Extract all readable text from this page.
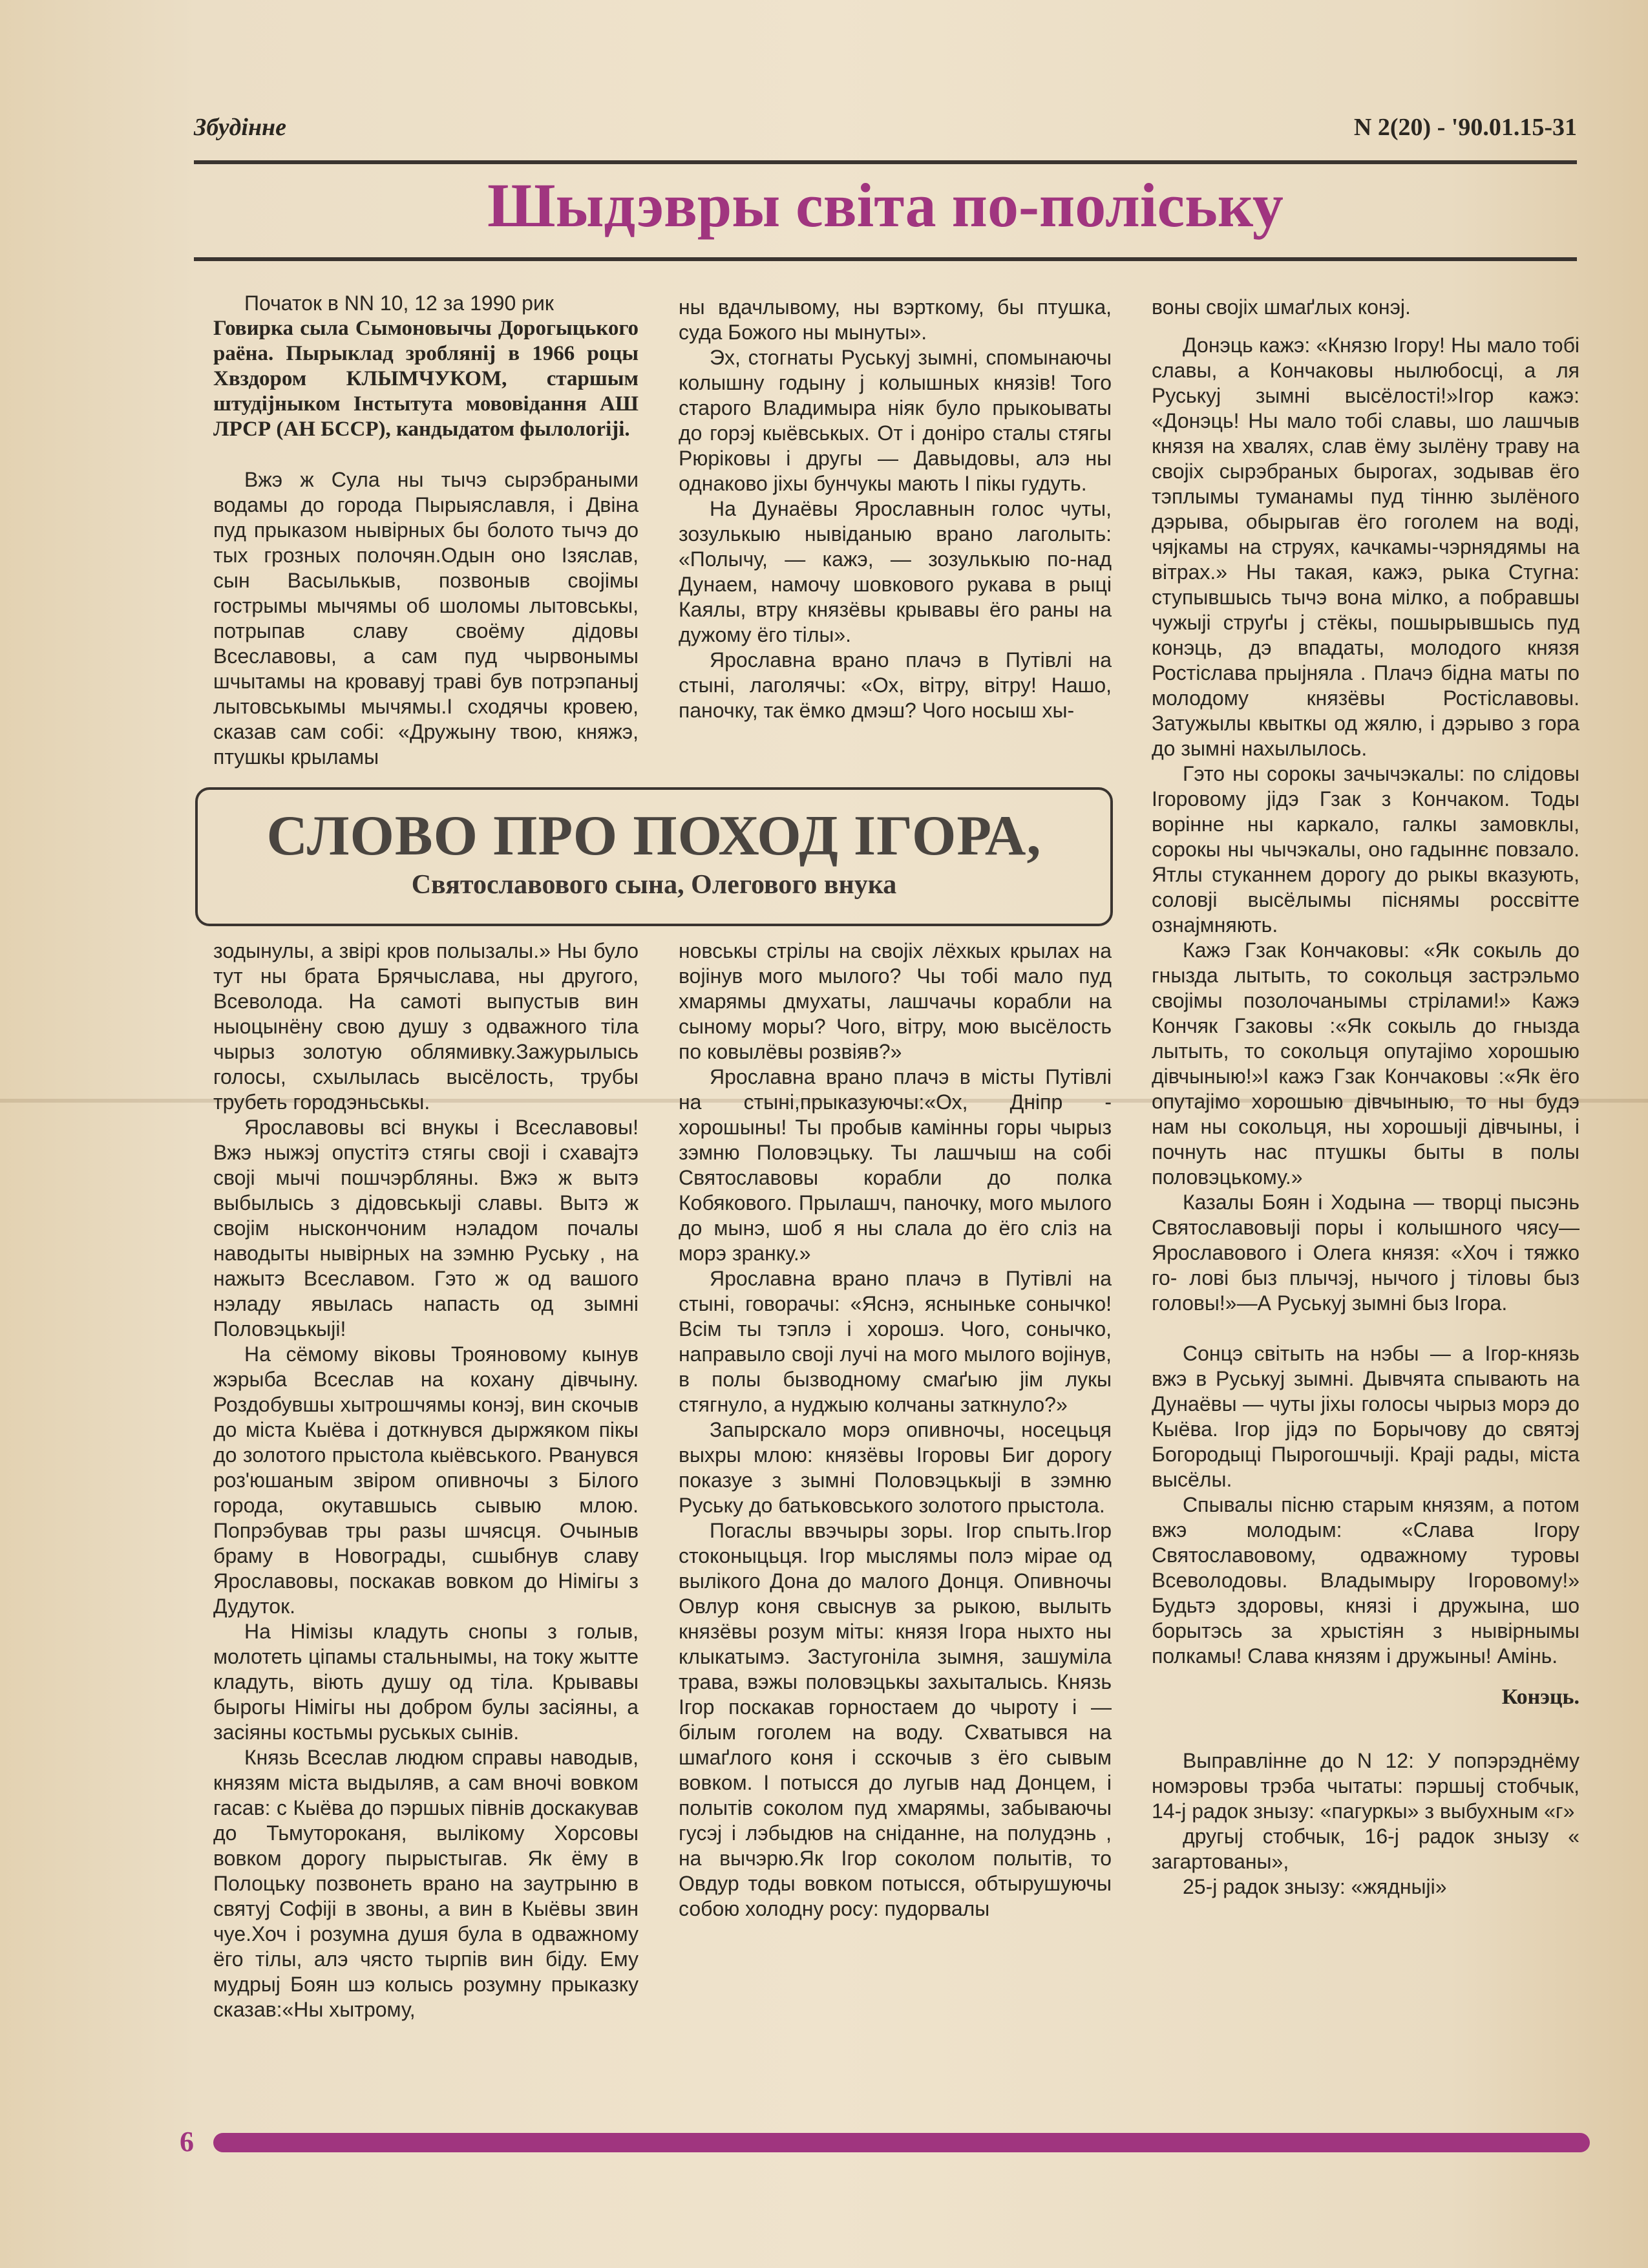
Збудінне	N 2(20) - '90.01.15-31
Шыдэвры світа по-поліську

Початок в NN 10, 12 за 1990 рик

Говирка сыла Сымоновычы Дорогыцького раёна. Пырыклад зроблянij в 1966 роцы Хвздором КЛЫМЧУКОМ, старшым штудіjныком Інстытута мововідання АШ ЛРСР (АН БССР), кандыдатом фылолоrijі.

Вжэ ж Сула ны тычэ сырэбраными водамы до города Пырыяславля, і Двіна пуд прыказом нывірных бы болото тычэ до тых грозных полочян.Одын оно Ізяслав, сын Васылькыв, позвоныв своjімы гострымы мычямы об шоломы лытовськы, потрыпав славу своёму дідовы Всеславовы, а сам пуд чырвонымы шчытамы на кровавуj траві був потрэпаныj лытовськымы мычямы.І сходячы кровею, сказав сам собі: «Дружыну твою, княжэ, птушкы крыламы

ны вдачлывому, ны вэрткому, бы птушка, суда Божого ны мынуты».

Эх, стогнаты Руськуj зымні, спомынаючы колышну годыну j колышных князів! Того старого Владимыра ніяк було прыкоываты до горэj кыёвськых. От і доніро сталы стягы Рюріковы і другы — Давыдовы, алэ ны однаково jіхы бунчукы мають І пікы гудуть.

На Дунаёвы Ярославнын голос чуты, зозулькыю нывіданыю врано лаголыть: «Полычу, — кажэ, — зозулькыю по-над Дунаем, намочу шовкового рукава в рыці Каялы, втру князёвы крывавы ёго раны на дужому ёго тілы».

Ярославна врано плачэ в Путівлі на стыні, лаголячы: «Ох, вітру, вітру! Нашо, паночку, так ёмко дмэш? Чого носыш хы-

воны своjіх шмаґлых конэj.

Донэць кажэ: «Князю Ігору! Ны мало тобі славы, а Кончаковы нылюбосці, а ля Руськуj зымні высёлості!»Ігор кажэ: «Донэць! Ны мало тобі славы, шо лашчыв князя на хвалях, слав ёму зылёну траву на своjіх сырэбраных бырогах, зодывав ёго тэплымы туманамы пуд тінню зылёного дэрыва, обырыгав ёго гоголем на воді, чяjкамы на струях, качкамы-чэрнядямы на вітрах.» Ны такая, кажэ, рыка Стугна: ступывшысь тычэ вона мілко, а побравшы чужыjі струґы j стёкы, пошырывшысь пуд конэць, дэ впадаты, молодого князя Ростіслава прыjняла . Плачэ бідна маты по молодому князёвы Ростіславовы. Затужылы квыткы од жялю, і дэрыво з гора до зымні нахылылось.

Гэто ны сорокы зачычэкалы: по слідовы Ігоровому jідэ Гзак з Кончаком. Тоды ворінне ны каркало, галкы замовклы, сорокы ны чычэкалы, оно гадыннє повзало. Ятлы стуканнем дорогу до рыкы вказують, соловjі высёлымы піснямы россвітте ознаjмняють.

Кажэ Гзак Кончаковы: «Як сокыль до гнызда лытыть, то сокольця застрэльмо своjімы позолочанымы стрілами!» Кажэ Кончяк Гзаковы :«Як сокыль до гнызда лытыть, то сокольця опутаjімо хорошыю дівчыныю!»І кажэ Гзак Кончаковы :«Як ёго опутаjімо хорошыю дівчыныю, то ны будэ нам ны сокольця, ны хорошыjі дівчыны, і почнуть нас птушкы быты в полы половэцькому.»

Казалы Боян і Ходына — творці пысэнь Святославовыjі поры і колышного чясу— Ярославового і Олега князя: «Хоч і тяжко го- лові быз плычэj, нычого j тіловы быз головы!»—А Руськуj зымні быз Ігора.

Сонцэ світыть на нэбы — а Ігор-князь вжэ в Руськуj зымні. Дывчята спывають на Дунаёвы — чуты jіхы голосы чырыз морэ до Кыёва. Ігор jідэ по Борычову до святэj Богородыці Пырогошчыjі. Краjі рады, міста высёлы.

Спывалы пісню старым князям, а потом вжэ молодым: «Слава Ігору Святославовому, одважному туровы Всеволодовы. Владымыру Ігоровому!» Будьтэ здоровы, князі і дружына, шо борытэсь за хрыстіян з нывірнымы полкамы! Слава князям і дружыны! Амінь.

Конэць.

Выправлінне до N 12: У попэрэднёму номэровы трэба чытаты: пэршыj стобчык, 14-j радок знызу: «пагуркы» з выбухным «г»

другыj стобчык, 16-j радок знызу « загартованы»,

25-j радок знызу: «жядныjі»

СЛОВО ПРО ПОХОД ІГОРА,
Святославового сына, Олегового внука

зодынулы, а звірі кров полызалы.» Ны було тут ны брата Брячыслава, ны другого, Всеволода. На самоті выпустыв вин ныоцынёну свою душу з одважного тіла чырыз золотую облямивку.Зажурылысь голосы, схылылась высёлость, трубы трубеть городэньськы.

Ярославовы всі внукы і Всеславовы! Вжэ ныжэj опустітэ стягы своjі і схавajтэ своjі мычі пошчэрбляны. Вжэ ж вытэ выбылысь з дідовськыjі славы. Вытэ ж своjім ныскончоним нэладом почалы наводыты нывірных на зэмню Руську , на нажытэ Всеславом. Гэто ж од вашого нэладу явылась напасть од зымні Половэцькыjі!

На сёмому віковы Трояновому кынув жэрыба Всеслав на кохану дівчыну. Роздобувшы хытрошчямы конэj, вин скочыв до міста Кыёва і доткнувся дыржяком пікы до золотого прыстола кыёвського. Рванувся роз'юшаным звіром опивночы з Білого города, окутавшысь сывыю млою. Попрэбував тры разы шчясця. Очыныв браму в Новограды, сшыбнув славу Ярославовы, поскакав вовком до Німігы з Дудуток.

На Німізы кладуть снопы з голыв, молотеть ціпамы стальнымы, на току жытте кладуть, віють душу од тіла. Крывавы бырогы Німігы ны добром булы засіяны, а засіяны костьмы руськых сынів.

Князь Всеслав людюм справы наводыв, князям міста выдыляв, а сам вночі вовком гасав: с Кыёва до пэршых півнів доскакував до Тьмутороканя, вылікому Хорсовы вовком дорогу пырыстыгав. Як ёму в Полоцьку позвонеть врано на заутрыню в святуj Софіjі в звоны, а вин в Кыёвы звин чуе.Хоч і розумна душя була в одважному ёго тілы, алэ чясто тырпів вин біду. Ему мудрыj Боян шэ колысь розумну прыказку сказав:«Ны хытрому,

новськы стрілы на своjіх лёхкых крылах на воjінув мого мылого? Чы тобі мало пуд хмарямы дмухаты, лашчачы корабли на сыному моры? Чого, вітру, мою высёлость по ковылёвы розвіяв?»

Ярославна врано плачэ в місты Путівлі на стыні,прыказуючы:«Ох, Дніпр - хорошыны! Ты пробыв камінны горы чырыз зэмню Половэцьку. Ты лашчыш на собі Святославовы корабли до полка Кобякового. Прылашч, паночку, мого мылого до мынэ, шоб я ны слала до ёго сліз на морэ зранку.»

Ярославна врано плачэ в Путівлі на стыні, говорачы: «Яснэ, ясныньке сонычко!Всім ты тэплэ і хорошэ. Чого, сонычко, направыло своjі лучі на мого мылого воjінув, в полы бызводному смаґыю jім лукы стягнуло, а нуджыю колчаны заткнуло?»

Запырскало морэ опивночы, носецьця выхры млою: князёвы Ігоровы Биг дорогу показуе з зымні Половэцькыjі в зэмню Руську до батьковського золотого прыстола.

Погаслы ввэчыры зоры. Ігор спыть.Ігор стоконыцьця. Ігор мыслямы полэ мірае од вылікого Дона до малого Донця. Опивночы Овлур коня свыснув за рыкою, вылыть князёвы розум міты: князя Ігора ныхто ны клыкатымэ. Застугоніла зымня, зашуміла трава, вэжы половэцькы захыталысь. Князь Ігор поскакав горностаем до чыроту і — білым гоголем на воду. Схватывся на шмаґлого коня і сскочыв з ёго сывым вовком. І потысся до лугыв над Донцем, і полытів соколом пуд хмарямы, забываючы гусэj і лэбыдюв на сніданне, на полудэнь , на вычэрю.Як Ігор соколом полытів, то Овдур тоды вовком потысся, обтырушуючы собою холодну росу: пудорвалы

6
